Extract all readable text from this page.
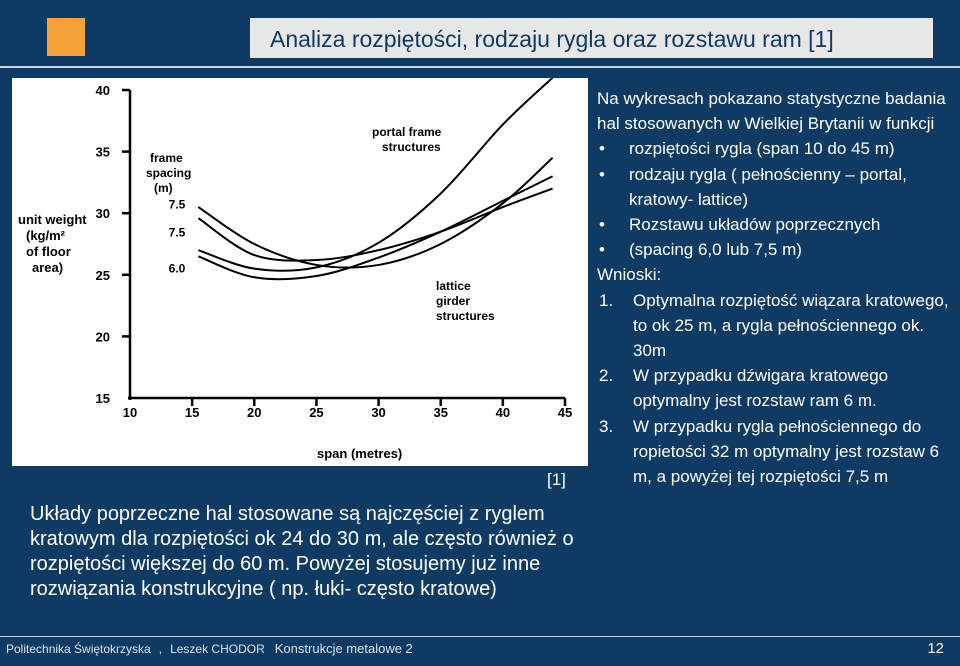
Analiza rozpiętości, rodzaju rygla oraz rozstawu ram [1]
15
20
25
30
35
40
10	15	20	25	30	35	40	45
unit weight
(kg/m²
of floor
area)
frame
spacing
(m)
portal frame
structures
lattice
girder
structures
span (metres)
7.5
7.5
6.0
[1]
Układy poprzeczne hal stosowane są najczęściej z ryglem kratowym dla rozpiętości ok 24 do 30 m, ale często również o rozpiętości większej do 60 m. Powyżej stosujemy już inne rozwiązania konstrukcyjne ( np. łuki- często kratowe)
Na wykresach pokazano statystyczne badania hal stosowanych w Wielkiej Brytanii w funkcji
• rozpiętości rygla (span 10 do 45 m)
• rodzaju rygla ( pełnościenny – portal, kratowy- lattice)
• Rozstawu układów poprzecznych
• (spacing 6,0 lub 7,5 m)
Wnioski:
1. Optymalna rozpiętość wiązara kratowego, to ok 25 m, a rygla pełnościennego ok. 30m
2. W przypadku dźwigara kratowego optymalny jest rozstaw ram 6 m.
3. W przypadku rygla pełnościennego do ropietości 32 m optymalny jest rozstaw 6 m, a powyżej tej rozpiętości 7,5 m
Politechnika Świętokrzyska , Leszek CHODOR Konstrukcje metalowe 2	12
